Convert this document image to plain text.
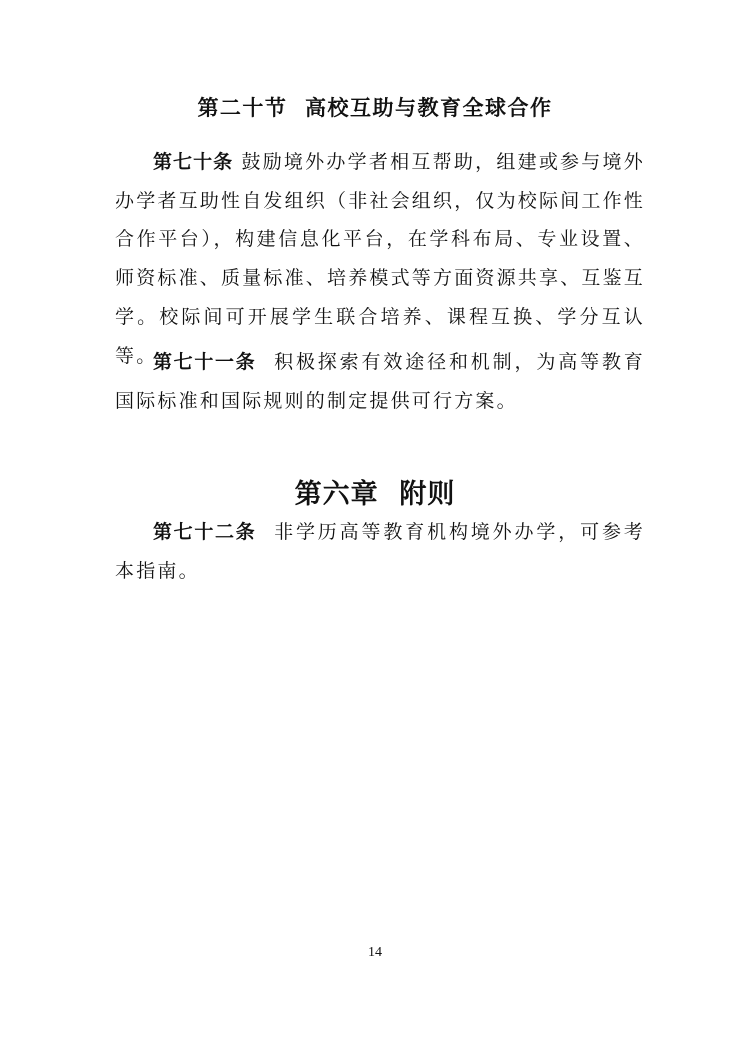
第二十节  高校互助与教育全球合作

第七十条 鼓励境外办学者相互帮助，组建或参与境外办学者互助性自发组织（非社会组织，仅为校际间工作性合作平台），构建信息化平台，在学科布局、专业设置、师资标准、质量标准、培养模式等方面资源共享、互鉴互学。校际间可开展学生联合培养、课程互换、学分互认等。

第七十一条 积极探索有效途径和机制，为高等教育国际标准和国际规则的制定提供可行方案。

第六章  附则

第七十二条 非学历高等教育机构境外办学，可参考本指南。

14
